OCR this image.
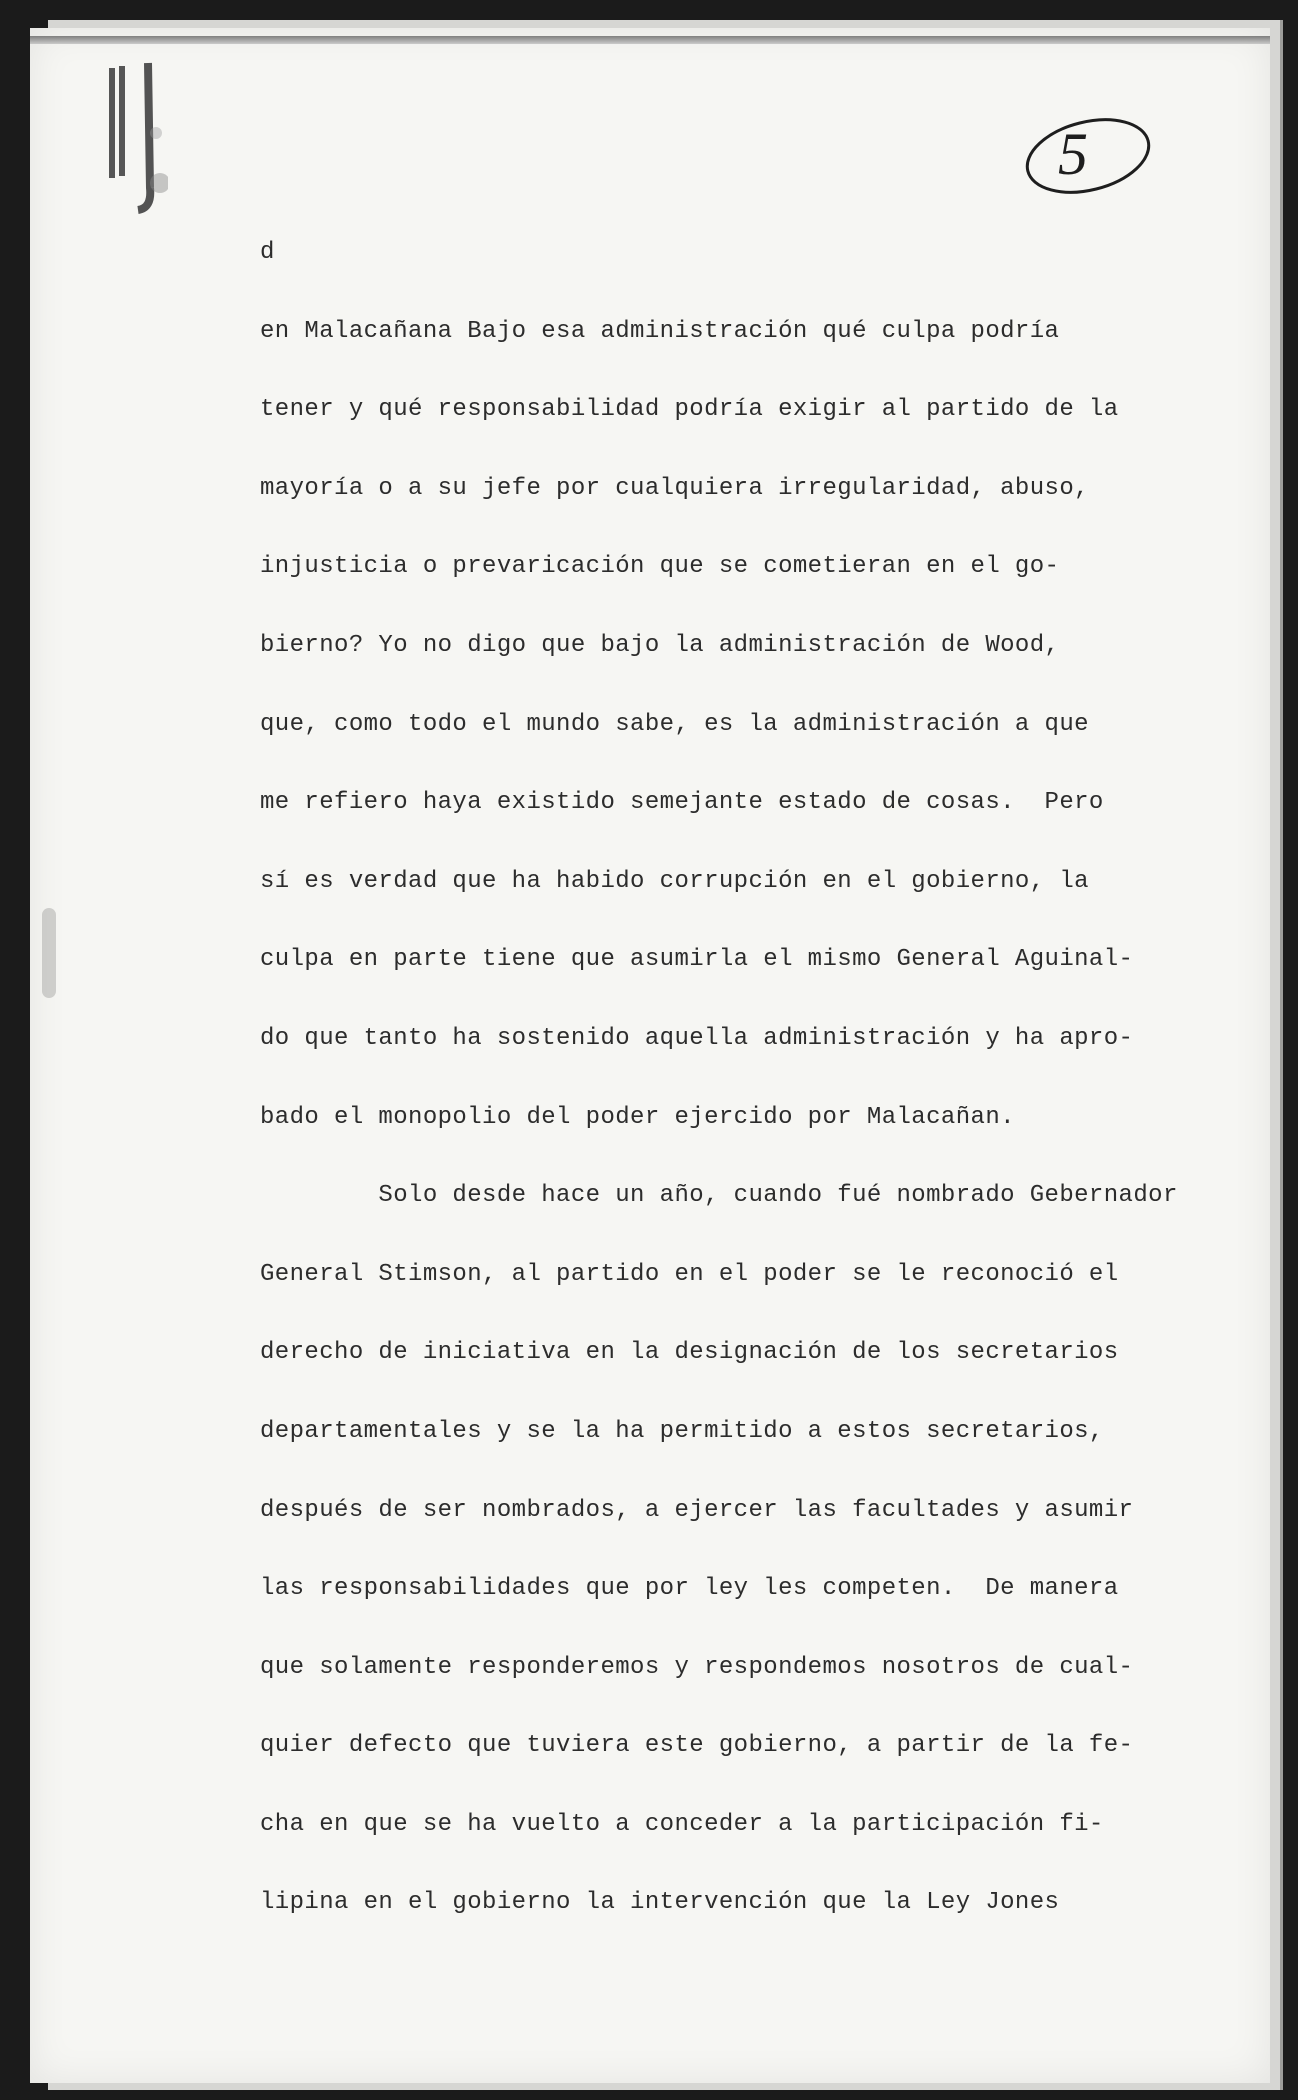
5
d
en Malacañana Bajo esa administración qué culpa podría
tener y qué responsabilidad podría exigir al partido de la
mayoría o a su jefe por cualquiera irregularidad, abuso,
injusticia o prevaricación que se cometieran en el go-
bierno? Yo no digo que bajo la administración de Wood,
que, como todo el mundo sabe, es la administración a que
me refiero haya existido semejante estado de cosas.  Pero
sí es verdad que ha habido corrupción en el gobierno, la
culpa en parte tiene que asumirla el mismo General Aguinal-
do que tanto ha sostenido aquella administración y ha apro-
bado el monopolio del poder ejercido por Malacañan.
Solo desde hace un año, cuando fué nombrado Gebernador
General Stimson, al partido en el poder se le reconoció el
derecho de iniciativa en la designación de los secretarios
departamentales y se la ha permitido a estos secretarios,
después de ser nombrados, a ejercer las facultades y asumir
las responsabilidades que por ley les competen.  De manera
que solamente responderemos y respondemos nosotros de cual-
quier defecto que tuviera este gobierno, a partir de la fe-
cha en que se ha vuelto a conceder a la participación fi-
lipina en el gobierno la intervención que la Ley Jones
